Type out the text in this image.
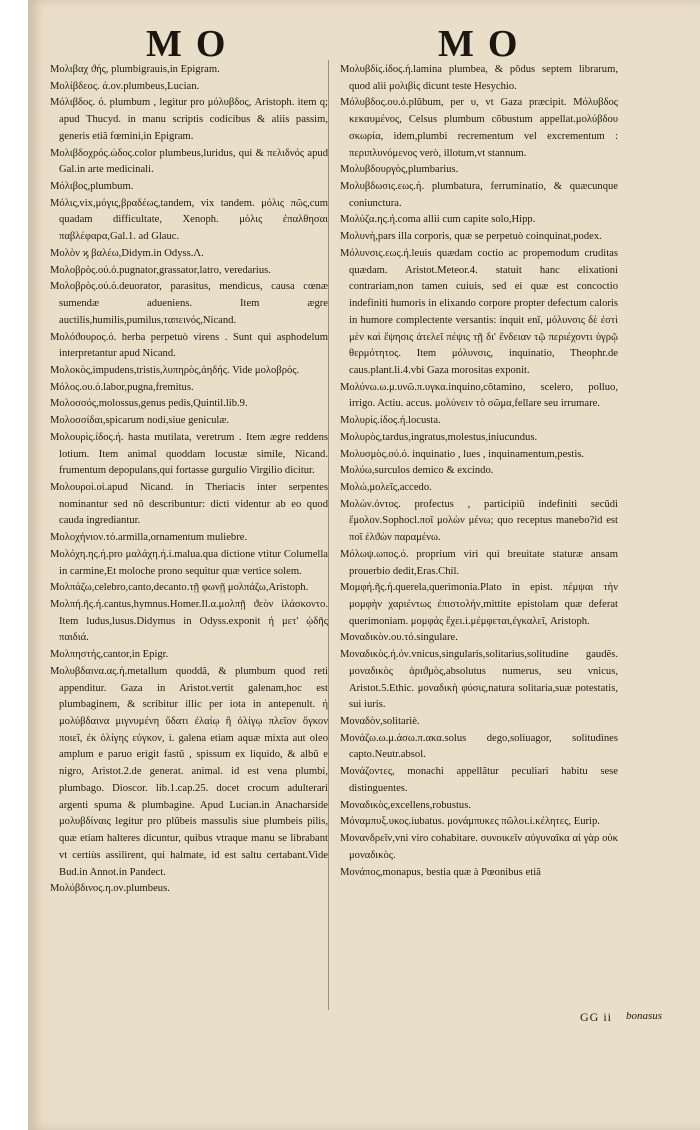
MO	MO

Μολιβαχ ϑής, plumbigrauis,in Epigram.

Μολίβδεος. ά.ον.plumbeus,Lucian.

Μόλιβδος. ό. plumbum , legitur pro μόλυβδος, Aristoph. item q; apud Thucyd. in manu scriptis codicibus & aliis passim, generis etiã fœmini,in Epigram.

Μολιβδοχρός.ώδος.color plumbeus,luridus, qui & πελιδνός apud Gal.in arte medicinali.

Μόλιβος,plumbum.

Μόλις,vix,μόγις,βραδέως,tandem, vix tandem. μόλις πῶς,cum quadam difficultate, Xenoph. μόλις ἐπαλθησαι παβλέφαρα,Gal.1. ad Glauc.

Μολὸν ϗ βαλέω,Didym.in Odyss.Λ.

Μολοβρὸς.ού.ό.pugnator,grassator,latro, veredarius.

Μολοβρὸς.ού.ό.deuorator, parasitus, mendicus, causa cœnæ sumendæ adueniens. Item ægre auctilis,humilis,pumilus,ταπεινός,Nicand.

Μολόϑουρος.ό. herba perpetuò virens . Sunt qui asphodelum interpretantur apud Nicand.

Μολοκὸς,impudens,tristis,λυπηρὸς,ἀηδής. Vide μολοβρός.

Μόλος.ου.ό.labor,pugna,fremitus.

Μολοσσός,molossus,genus pedis,Quintil.lib.9.

Μολοσσίδαι,spicarum nodi,siue geniculæ.

Μολουρὶς.ίδος.ή. hasta mutilata, veretrum . Item ægre reddens lotium. Item animal quoddam locustæ simile, Nicand. frumentum depopulans,qui fortasse gurgulio Virgilio dicitur.

Μολουροὶ.οἱ.apud Nicand. in Theriacis inter serpentes nominantur sed nõ describuntur: dicti videntur ab eo quod cauda ingrediantur.

Μολοχήνιον.τό.armilla,ornamentum muliebre.

Μολόχη.ης.ή.pro μαλάχη.ή.i.malua.qua dictione vtitur Columella in carmine,Et moloche prono sequitur quæ vertice solem.

Μολπάζω,celebro,canto,decanto.τῇ φωνῇ μολπάζω,Aristoph.

Μολπή.ῆς.ή.cantus,hymnus.Homer.Il.α.μολπῇ ϑεὸν ἱλάσκοντο. Item ludus,lusus.Didymus in Odyss.exponit ή μετ' ᾠδῆς παιδιά.

Μολπηστής,cantor,in Epigr.

Μολυβδαινα.ας.ή.metallum quoddã, & plumbum quod reti appenditur. Gaza in Aristot.vertit galenam,hoc est plumbaginem, & scribitur illic per iota in antepenult. ή μολύβδαινα μιγνυμένη ὕδατι ἐλαίῳ ἢ ὀλίγῳ πλεῖον ὄγκον ποιεῖ, ἐκ ὀλίγης εὐγκον, i. galena etiam aquæ mixta aut oleo amplum e paruo erigit fastũ , spissum ex liquido, & albũ e nigro, Aristot.2.de generat. animal. id est vena plumbi, plumbago. Dioscor. lib.1.cap.25. docet crocum adulterari argenti spuma & plumbagine. Apud Lucian.in Anacharside μολυβδίναις legitur pro plũbeis massulis siue plumbeis pilis, quæ etiam halteres dicuntur, quibus vtraque manu se librabant vt certiùs assilirent, qui halmate, id est saltu certabant.Vide Bud.in Annot.in Pandect.

Μολύβδινος.η.ον.plumbeus.

Μολυβδίς.ίδος.ή.lamina plumbea, & pōdus septem librarum, quod alii μολιβὶς dicunt teste Hesychio.

Μόλυβδος.ου.ό.plũbum, per υ, vt Gaza præcipit. Μόλυβδος κεκαυμένος, Celsus plumbum cõbustum appellat.μολύβδου σκωρία, idem,plumbi recrementum vel excrementum : περιπλυνόμενος verò, illotum,vt stannum.

Μολυβδουργὸς,plumbarius.

Μολυβδωσις.εως.ή. plumbatura, ferruminatio, & quæcunque coniunctura.

Μολύζα.ης.ή.coma allii cum capite solo,Hipp.

Μολυνὴ,pars illa corporis, quæ se perpetuò coinquinat,podex.

Μόλυνσις.εως.ή.leuis quædam coctio ac propemodum cruditas quædam. Aristot.Meteor.4. statuit hanc elixationi contrariam,non tamen cuiuis, sed ei quæ est concoctio indefiniti humoris in elixando corpore propter defectum caloris in humore complectente versantis: inquit enĩ, μόλυνσις δὲ ἐστὶ μὲν καὶ ἕψησις ἀτελεῖ πέψις τῇ δι' ἔνδειαν τῷ περιέχοντι ὑγρῷ θερμότητος. Item μόλυνσις, inquinatio, Theophr.de caus.plant.li.4.vbi Gaza morositas exponit.

Μολύνω.ω.μ.υνῶ.π.υγκα.inquino,cõtamino, scelero, polluo, irrigo. Actiu. accus. μολύνειν τὸ σῶμα,fellare seu irrumare.

Μολυρὶς.ίδος.ή.locusta.

Μολυρὸς,tardus,ingratus,molestus,iniucundus.

Μολυσμὸς.ού.ό. inquinatio , lues , inquinamentum,pestis.

Μολύω,surculos demico & excindo.

Μολώ,μολεῖς,accedo.

Μολὼν.όντος. profectus , participiũ indefiniti secũdi ἔμολον.Sophocl.ποῖ μολὼν μένω; quo receptus manebo?id est ποῖ ἐλϑὼν παραμένω.

Μόλωψ.ωπος.ό. proprium viri qui breuitate staturæ ansam prouerbio dedit,Eras.Chil.

Μομφή.ῆς.ή.querela,querimonia.Plato in epist. πέμψαι τὴν μομφὴν χαριέντως ἐπιστολήν,mittite epistolam quæ deferat querimoniam. μομφάς ἔχει.i.μέμφεται,ἐγκαλεῖ, Aristoph.

Μοναδικὸν.ου.τό.singulare.

Μοναδικὸς.ή.όν.vnicus,singularis,solitarius,solitudine gaudẽs. μοναδικὸς ἀριϑμὸς,absolutus numerus, seu vnicus, Aristot.5.Ethic. μοναδικὴ φύσις,natura solitaria,suæ potestatis, sui iuris.

Μοναδὸν,solitariè.

Μονάζω.ω.μ.άσω.π.ακα.solus dego,soliuagor, solitudines capto.Neutr.absol.

Μονάζοντες, monachi appellãtur peculiari habitu sese distinguentes.

Μοναδικὸς,excellens,robustus.

Μόναμπυξ.υκος.iubatus. μονάμπυκες πῶλοι.i.κέλητες, Eurip.

Μονανδρεῖν,vni viro cohabitare. συνοικεῖν αὐγυναῖκα αἰ γὰρ οὐκ μοναδικὸς.

Μονάπος,monapus, bestia quæ à Pœonibus etiã

GG ii bonasus
